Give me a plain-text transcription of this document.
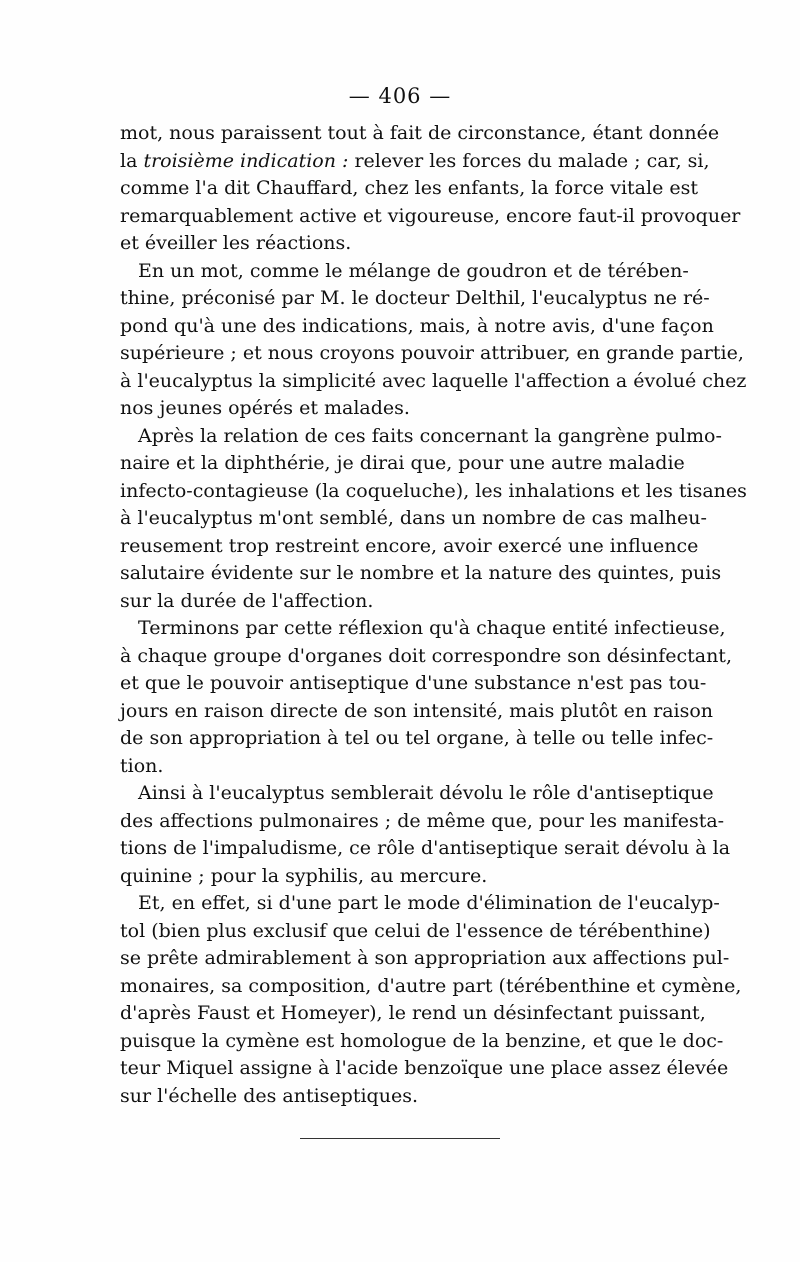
— 406 —
mot, nous paraissent tout à fait de circonstance, étant donnée
la troisième indication : relever les forces du malade ; car, si,
comme l'a dit Chauffard, chez les enfants, la force vitale est
remarquablement active et vigoureuse, encore faut-il provoquer
et éveiller les réactions.
En un mot, comme le mélange de goudron et de térében-
thine, préconisé par M. le docteur Delthil, l'eucalyptus ne ré-
pond qu'à une des indications, mais, à notre avis, d'une façon
supérieure ; et nous croyons pouvoir attribuer, en grande partie,
à l'eucalyptus la simplicité avec laquelle l'affection a évolué chez
nos jeunes opérés et malades.
Après la relation de ces faits concernant la gangrène pulmo-
naire et la diphthérie, je dirai que, pour une autre maladie
infecto-contagieuse (la coqueluche), les inhalations et les tisanes
à l'eucalyptus m'ont semblé, dans un nombre de cas malheu-
reusement trop restreint encore, avoir exercé une influence
salutaire évidente sur le nombre et la nature des quintes, puis
sur la durée de l'affection.
Terminons par cette réflexion qu'à chaque entité infectieuse,
à chaque groupe d'organes doit correspondre son désinfectant,
et que le pouvoir antiseptique d'une substance n'est pas tou-
jours en raison directe de son intensité, mais plutôt en raison
de son appropriation à tel ou tel organe, à telle ou telle infec-
tion.
Ainsi à l'eucalyptus semblerait dévolu le rôle d'antiseptique
des affections pulmonaires ; de même que, pour les manifesta-
tions de l'impaludisme, ce rôle d'antiseptique serait dévolu à la
quinine ; pour la syphilis, au mercure.
Et, en effet, si d'une part le mode d'élimination de l'eucalyp-
tol (bien plus exclusif que celui de l'essence de térébenthine)
se prête admirablement à son appropriation aux affections pul-
monaires, sa composition, d'autre part (térébenthine et cymène,
d'après Faust et Homeyer), le rend un désinfectant puissant,
puisque la cymène est homologue de la benzine, et que le doc-
teur Miquel assigne à l'acide benzoïque une place assez élevée
sur l'échelle des antiseptiques.
